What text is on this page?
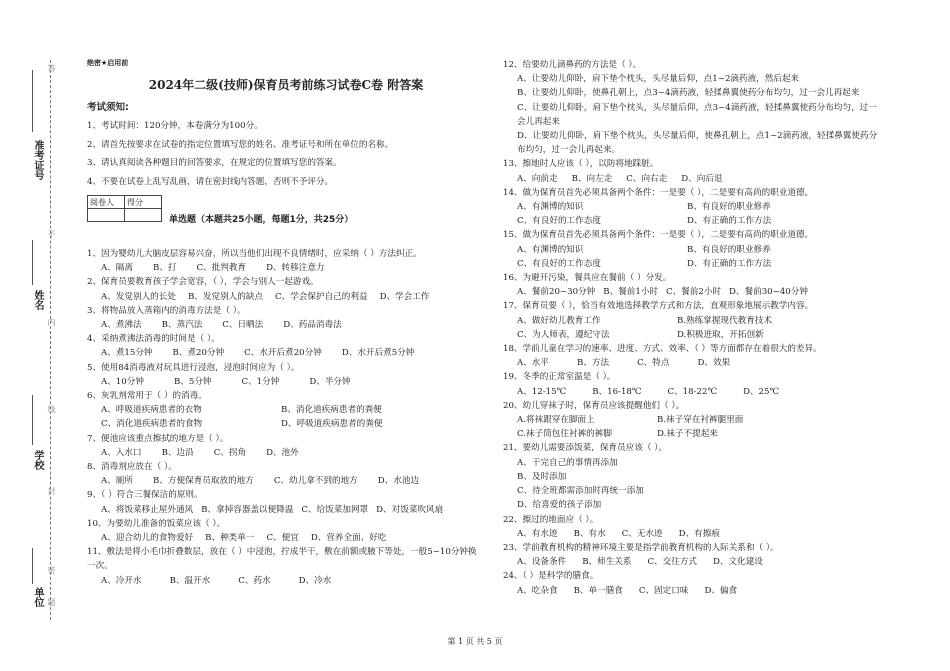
准考证号
姓名
学校
单位
答
不
内
线
封
密
题
绝密★启用前
2024年二级(技师)保育员考前练习试卷C卷 附答案
考试须知:

1、考试时间：120分钟，本卷满分为100分。

2、请首先按要求在试卷的指定位置填写您的姓名、准考证号和所在单位的名称。

3、请认真阅读各种题目的回答要求，在规定的位置填写您的答案。

4、不要在试卷上乱写乱画，请在密封线内答题，否则不予评分。

阅卷人	得分

单选题（本题共25小题，每题1分，共25分）
1、因为婴幼儿大脑皮层容易兴奋，所以当他们出现不良情绪时，应采纳（ ）方法纠正。
A、隔离 B、打 C、批判教育 D、转移注意力
2、保育员要教育孩子学会宽容，（ ），学会与别人一起游戏。
A、发觉别人的长处 B、发觉别人的缺点 C、学会保护自己的利益 D、学会工作
3、将物品放入蒸箱内的消毒方法是（ ）。
A、煮沸法 B、蒸汽法 C、日晒法 D、药品消毒法
4、采纳煮沸法消毒的时间是（ ）。
A、煮15分钟 B、煮20分钟 C、水开后煮20分钟 D、水开后煮5分钟
5、使用84消毒液对玩具进行浸泡，浸泡时间应为（ ）。
A、10分钟	B、5分钟	C、1分钟	D、半分钟
6、灰乳剂常用于（ ）的消毒。
A、呼吸道疾病患者的衣物	B、消化道疾病患者的粪便
C、消化道疾病患者的食物	D、呼吸道疾病患者的粪便
7、便池应该重点擦拭的地方是（ ）。
A、入水口 B、边沿 C、拐角 D、池外
8、消毒剂应放在（ ）。
A、厕所 B、方便保育员取放的地方 C、幼儿拿不到的地方 D、水池边
9、（ ）符合三餐保洁的原则。
A、将饭菜移止屋外通风 B、拿掉容器盖以便降温 C、给饭菜加网罩 D、对饭菜吹风扇
10、为要幼儿准备的饭菜应该（ ）。
A、迎合幼儿的食物爱好 B、种类单一 C、便宜 D、营养全面、好吃
11、敷法是将小毛巾折叠数层，放在（ ）中浸泡，拧成半干，敷在前额或腋下等处，一般5~10分钟换一次。
A、冷开水	B、温开水	C、药水	D、冷水
12、给要幼儿滴鼻药的方法是（ ）。
A、让要幼儿仰卧，肩下垫个枕头，头尽量后仰，点1~2滴药液，然后起来
B、让要幼儿仰卧，使鼻孔朝上，点3~4滴药液，轻揉鼻翼使药分布均匀，过一会儿再起来
C、让要幼儿仰卧，肩下垫个枕头，头尽量后仰，点3~4滴药液，轻揉鼻翼使药分布均匀，过一会儿再起来
D、让要幼儿仰卧，肩下垫个枕头，头尽量后仰，使鼻孔朝上，点1~2滴药液，轻揉鼻翼使药分布均匀，过一会儿再起来。
13、擦地时人应该（ ），以防将地踩脏。
A、向前走 B、向左走 C、向右走 D、向后退
14、做为保育员首先必须具备两个条件：一是要（ ），二是要有高尚的职业道德。
A、有渊博的知识	B、有良好的职业修养
C、有良好的工作态度	D、有正确的工作方法
15、做为保育员首先必须具备两个条件：一是要（ ），二是要有高尚的职业道德。
A、有渊博的知识	B、有良好的职业修养
C、有良好的工作态度	D、有正确的工作方法
16、为避开污染，餐具应在餐前（ ）分发。
A、餐前20~30分钟 B、餐前1小时 C、餐前2小时 D、餐前30~40分钟
17、保育员要（ ），恰当有效地选择教学方式和方法，直观形象地展示教学内容。
A、做好幼儿教育工作	B.熟练掌握现代教育技术
C、为人师表，遵纪守法	D.积极进取，开拓创新
18、学前儿童在学习的速率、进度、方式、效率、（ ）等方面都存在着很大的差异。
A、水平	B、方法	C、特点	D、效果
19、冬季的正常室温是（ ）。
A、12-15℃	B、16-18℃	C、18-22℃	D、25℃
20、幼儿穿袜子时，保育员应该提醒他们（ ）。
A.将袜跟穿在脚面上	B.袜子穿在衬裤腿里面
C.袜子筒包住衬裤的裤脚	D.袜子不提起来
21、要幼儿需要添饭菜，保育员应该（ ）。
A、干完自己的事情再添加
B、及时添加
C、待全班都需添加时再统一添加
D、给喜爱的孩子添加
22、擦过的地面应（ ）。
A、有水迹 B、有水 C、无水迹 D、有擦痕
23、学前教育机构的精神环境主要是指学前教育机构的人际关系和（ ）。
A、设备条件 B、师生关系 C、交往方式 D、文化建设
24、（ ）是科学的膳食。
A、吃杂食 B、单一膳食 C、固定口味 D、偏食
第 1 页 共 5 页
